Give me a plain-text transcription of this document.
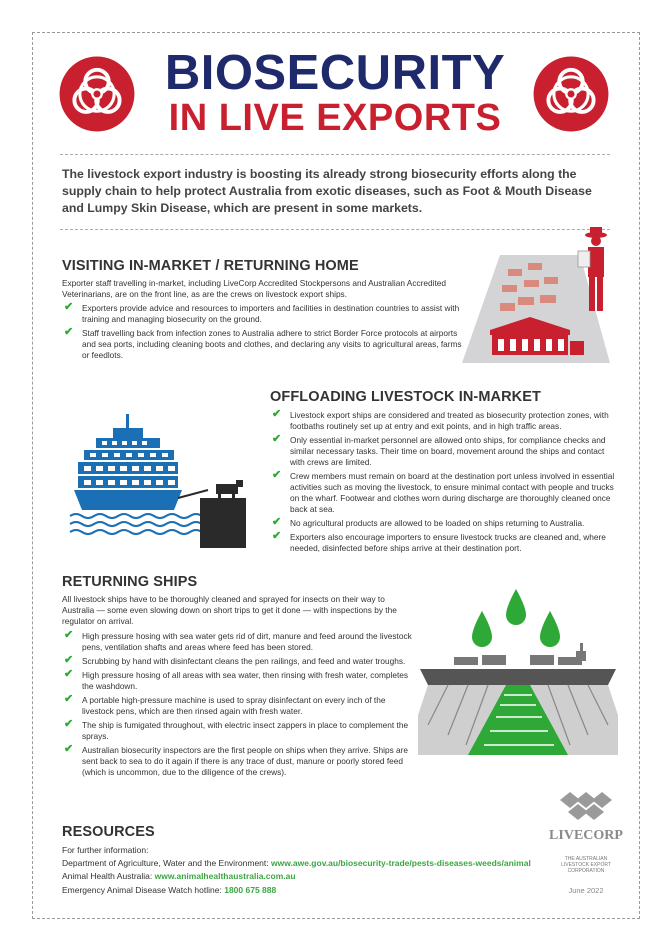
BIOSECURITY
IN LIVE EXPORTS
The livestock export industry is boosting its already strong biosecurity efforts along the supply chain to help protect Australia from exotic diseases, such as Foot & Mouth Disease and Lumpy Skin Disease, which are present in some markets.
VISITING IN-MARKET / RETURNING HOME
Exporter staff travelling in-market, including LiveCorp Accredited Stockpersons and Australian Accredited Veterinarians, are on the front line, as are the crews on livestock export ships.
✔ Exporters provide advice and resources to importers and facilities in destination countries to assist with training and managing biosecurity on the ground.
✔ Staff travelling back from infection zones to Australia adhere to strict Border Force protocols at airports and sea ports, including cleaning boots and clothes, and declaring any visits to agricultural areas, farms or feedlots.
OFFLOADING LIVESTOCK IN-MARKET
✔ Livestock export ships are considered and treated as biosecurity protection zones, with footbaths routinely set up at entry and exit points, and in high traffic areas.
✔ Only essential in-market personnel are allowed onto ships, for compliance checks and similar necessary tasks. Their time on board, movement around the ships and contact with crews are limited.
✔ Crew members must remain on board at the destination port unless involved in essential activities such as moving the livestock, to ensure minimal contact with people and trucks on the wharf. Footwear and clothes worn during discharge are thoroughly cleaned once back at sea.
✔ No agricultural products are allowed to be loaded on ships returning to Australia.
✔ Exporters also encourage importers to ensure livestock trucks are cleaned and, where needed, disinfected before ships arrive at their destination port.
RETURNING SHIPS
All livestock ships have to be thoroughly cleaned and sprayed for insects on their way to Australia — some even slowing down on short trips to get it done — with inspections by the regulator on arrival.
✔ High pressure hosing with sea water gets rid of dirt, manure and feed around the livestock pens, ventilation shafts and areas where feed has been stored.
✔ Scrubbing by hand with disinfectant cleans the pen railings, and feed and water troughs.
✔ High pressure hosing of all areas with sea water, then rinsing with fresh water, completes the washdown.
✔ A portable high-pressure machine is used to spray disinfectant on every inch of the livestock pens, which are then rinsed again with fresh water.
✔ The ship is fumigated throughout, with electric insect zappers in place to complement the sprays.
✔ Australian biosecurity inspectors are the first people on ships when they arrive. Ships are sent back to sea to do it again if there is any trace of dust, manure or poorly stored feed (which is uncommon, due to the diligence of the crews).
RESOURCES
For further information:
Department of Agriculture, Water and the Environment: www.awe.gov.au/biosecurity-trade/pests-diseases-weeds/animal
Animal Health Australia: www.animalhealthaustralia.com.au
Emergency Animal Disease Watch hotline: 1800 675 888
LIVECORP
THE AUSTRALIAN LIVESTOCK EXPORT CORPORATION
June 2022
